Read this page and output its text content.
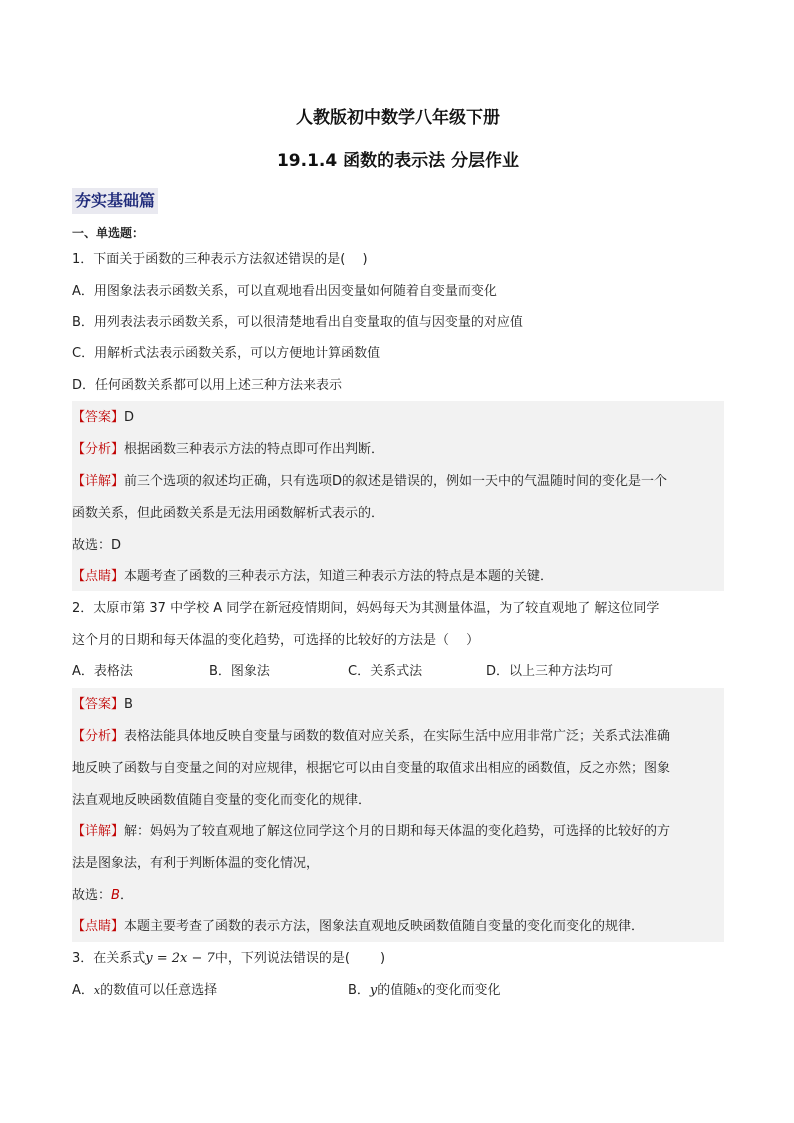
人教版初中数学八年级下册
19.1.4 函数的表示法 分层作业
夯实基础篇
一、单选题：
1．下面关于函数的三种表示方法叙述错误的是(　 )
A．用图象法表示函数关系，可以直观地看出因变量如何随着自变量而变化
B．用列表法表示函数关系，可以很清楚地看出自变量取的值与因变量的对应值
C．用解析式法表示函数关系，可以方便地计算函数值
D．任何函数关系都可以用上述三种方法来表示
【答案】D
【分析】根据函数三种表示方法的特点即可作出判断．
【详解】前三个选项的叙述均正确，只有选项D的叙述是错误的，例如一天中的气温随时间的变化是一个
函数关系，但此函数关系是无法用函数解析式表示的．
故选：D
【点睛】本题考查了函数的三种表示方法，知道三种表示方法的特点是本题的关键．
2．太原市第 37 中学校 A 同学在新冠疫情期间，妈妈每天为其测量体温，为了较直观地了 解这位同学
这个月的日期和每天体温的变化趋势，可选择的比较好的方法是（　 ）
A．表格法	B．图象法	C．关系式法	D．以上三种方法均可
【答案】B
【分析】表格法能具体地反映自变量与函数的数值对应关系，在实际生活中应用非常广泛；关系式法准确
地反映了函数与自变量之间的对应规律，根据它可以由自变量的取值求出相应的函数值，反之亦然；图象
法直观地反映函数值随自变量的变化而变化的规律．
【详解】解：妈妈为了较直观地了解这位同学这个月的日期和每天体温的变化趋势，可选择的比较好的方
法是图象法，有利于判断体温的变化情况，
故选：B．
【点睛】本题主要考查了函数的表示方法，图象法直观地反映函数值随自变量的变化而变化的规律．
3．在关系式y = 2x − 7中，下列说法错误的是(　 　)
A．x的数值可以任意选择	B．y的值随x的变化而变化
